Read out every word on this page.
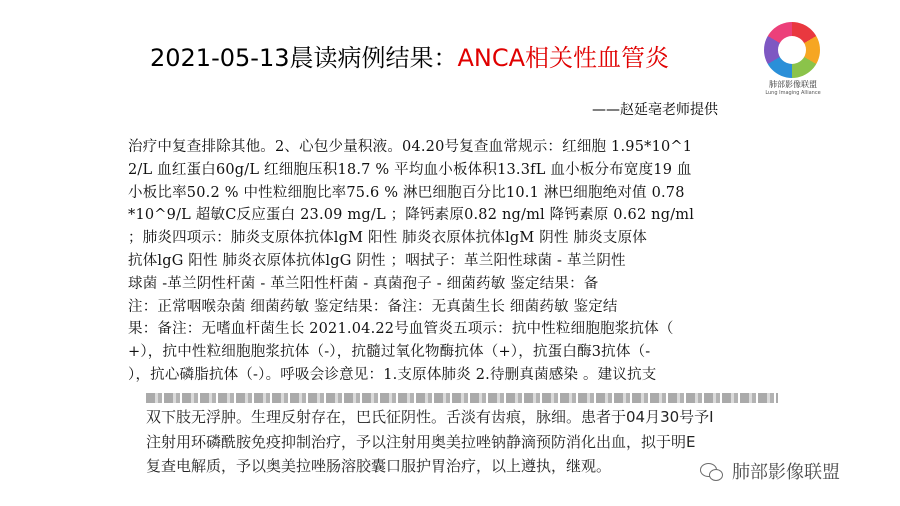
2021-05-13晨读病例结果：ANCA相关性血管炎
肺部影像联盟
Lung Imaging Alliance
——赵延亳老师提供
治疗中复查排除其他。2、心包少量积液。04.20号复查血常规示：红细胞 1.95*10^1
2/L 血红蛋白60g/L 红细胞压积18.7 % 平均血小板体积13.3fL 血小板分布宽度19 血
小板比率50.2 % 中性粒细胞比率75.6 % 淋巴细胞百分比10.1 淋巴细胞绝对值 0.78
*10^9/L 超敏C反应蛋白 23.09 mg/L ；降钙素原0.82 ng/ml 降钙素原 0.62 ng/ml
；肺炎四项示：肺炎支原体抗体lgM 阳性 肺炎衣原体抗体lgM 阴性 肺炎支原体
抗体lgG 阳性 肺炎衣原体抗体lgG 阴性 ；咽拭子：革兰阳性球菌 - 革兰阴性
球菌 -革兰阴性杆菌 - 革兰阳性杆菌 - 真菌孢子 - 细菌药敏 鉴定结果：备
注：正常咽喉杂菌 细菌药敏 鉴定结果：备注：无真菌生长 细菌药敏 鉴定结
果：备注：无嗜血杆菌生长 2021.04.22号血管炎五项示：抗中性粒细胞胞浆抗体（
+），抗中性粒细胞胞浆抗体（-），抗髓过氧化物酶抗体（+），抗蛋白酶3抗体（-
），抗心磷脂抗体（-）。呼吸会诊意见：1.支原体肺炎 2.待删真菌感染 。建议抗支
双下肢无浮肿。生理反射存在，巴氏征阴性。舌淡有齿痕，脉细。患者于04月30号予I
注射用环磷酰胺免疫抑制治疗，予以注射用奥美拉唑钠静滴预防消化出血，拟于明E
复查电解质，予以奥美拉唑肠溶胶囊口服护胃治疗，以上遵执，继观。	肺部影像联盟
